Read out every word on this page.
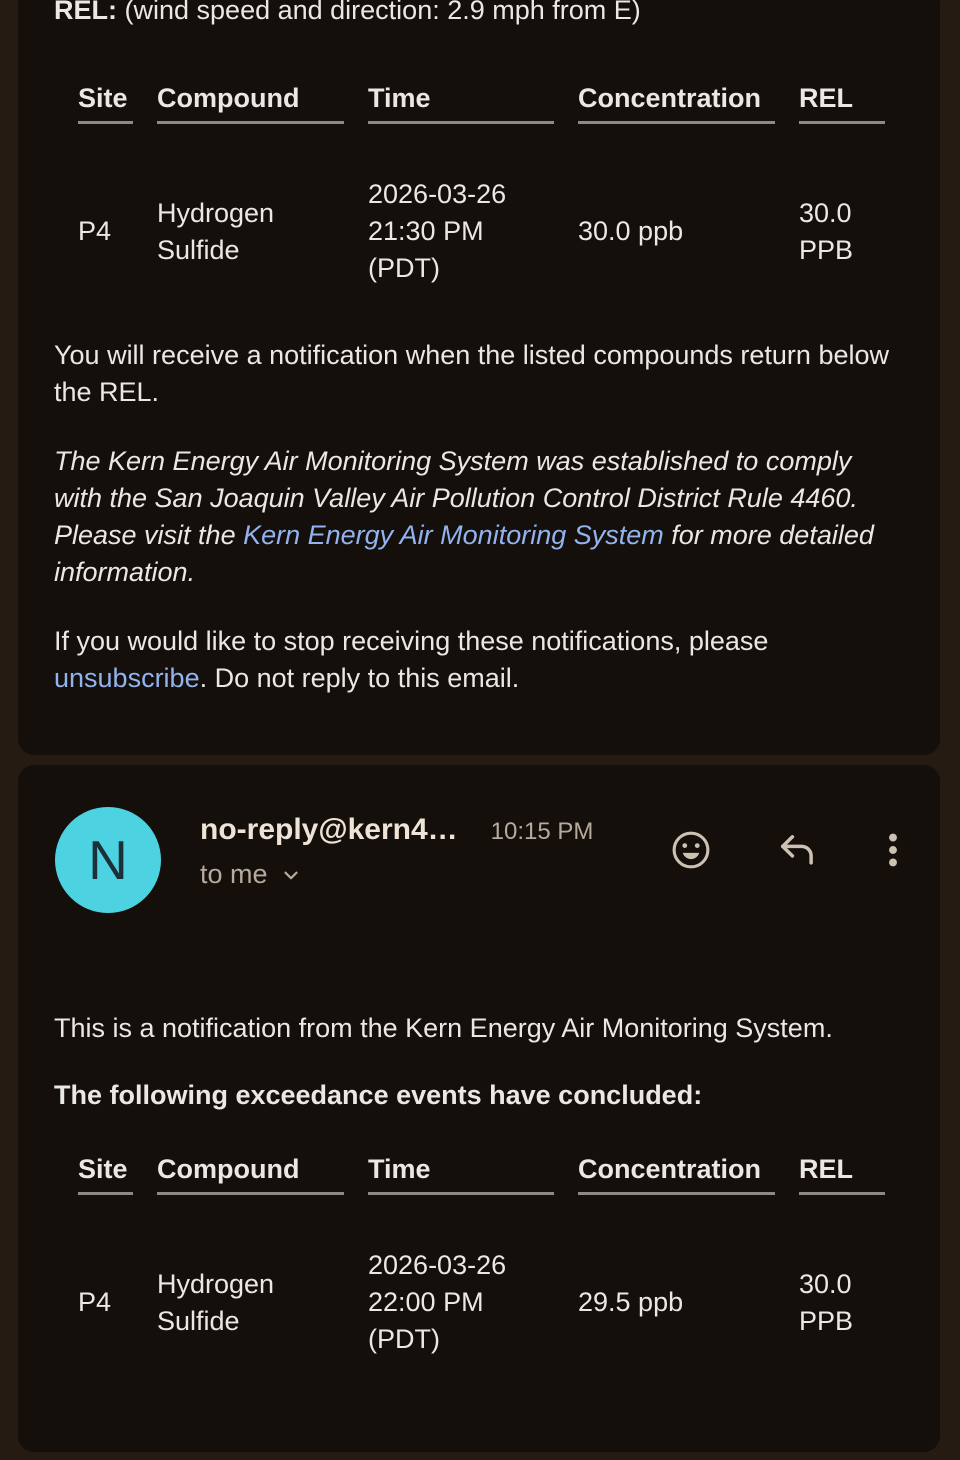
REL: (wind speed and direction: 2.9 mph from E)

Site	Compound	Time	Concentration	REL
P4	Hydrogen Sulfide	2026-03-26 21:30 PM (PDT)	30.0 ppb	30.0 PPB

You will receive a notification when the listed compounds return below the REL.

The Kern Energy Air Monitoring System was established to comply with the San Joaquin Valley Air Pollution Control District Rule 4460. Please visit the Kern Energy Air Monitoring System for more detailed information.

If you would like to stop receiving these notifications, please unsubscribe. Do not reply to this email.

N	no-reply@kern4… 10:15 PM
to me

This is a notification from the Kern Energy Air Monitoring System.

The following exceedance events have concluded:

Site	Compound	Time	Concentration	REL
P4	Hydrogen Sulfide	2026-03-26 22:00 PM (PDT)	29.5 ppb	30.0 PPB
